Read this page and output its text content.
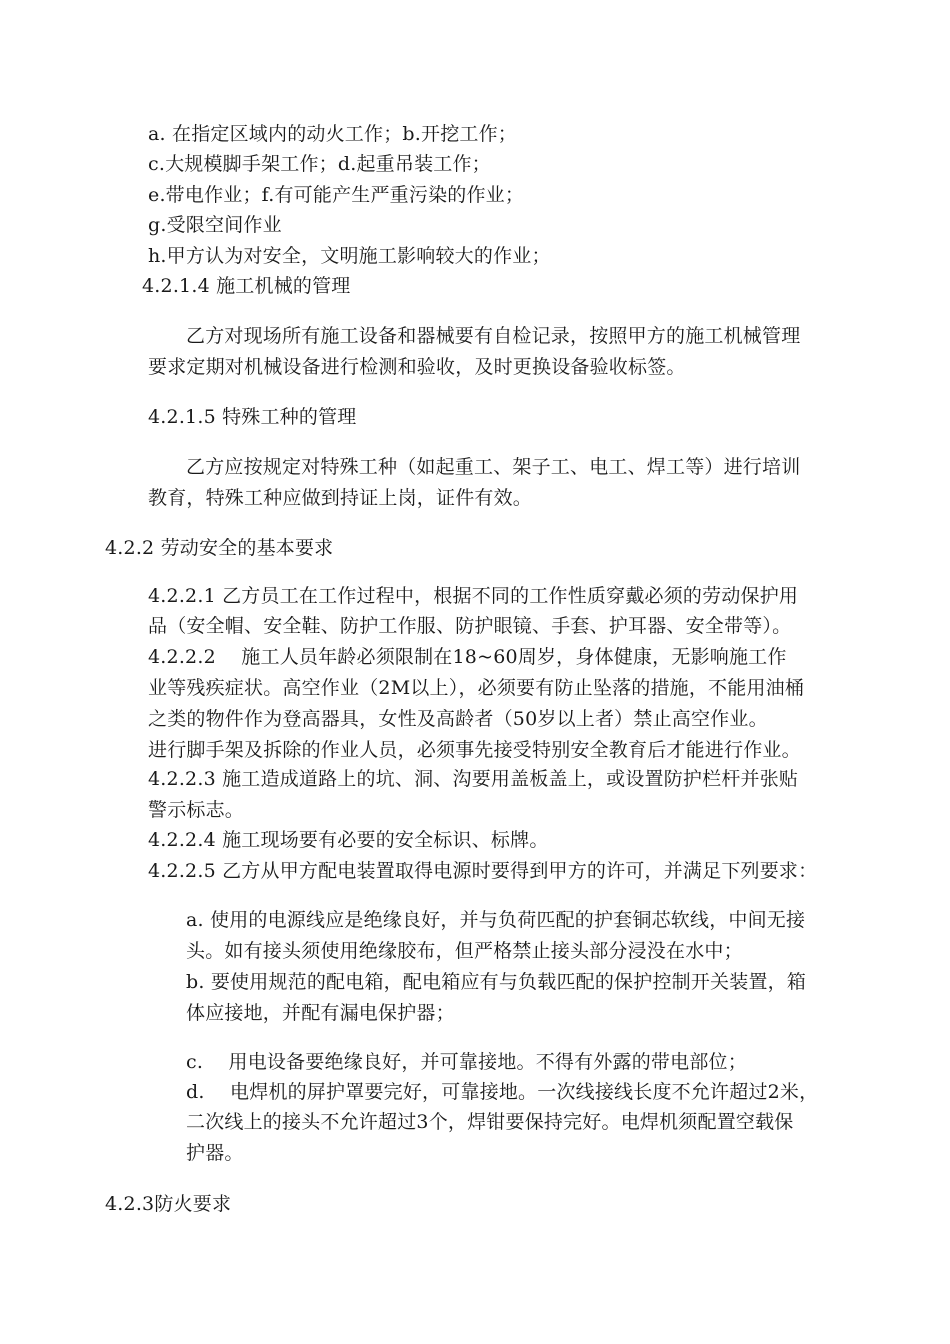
a. 在指定区域内的动火工作；b.开挖工作；
c.大规模脚手架工作；d.起重吊装工作；
e.带电作业；f.有可能产生严重污染的作业；
g.受限空间作业
h.甲方认为对安全，文明施工影响较大的作业；
4.2.1.4 施工机械的管理
乙方对现场所有施工设备和器械要有自检记录，按照甲方的施工机械管理
要求定期对机械设备进行检测和验收，及时更换设备验收标签。
4.2.1.5 特殊工种的管理
乙方应按规定对特殊工种（如起重工、架子工、电工、焊工等）进行培训
教育，特殊工种应做到持证上岗，证件有效。
4.2.2 劳动安全的基本要求
4.2.2.1 乙方员工在工作过程中，根据不同的工作性质穿戴必须的劳动保护用
品（安全帽、安全鞋、防护工作服、防护眼镜、手套、护耳器、安全带等）。
4.2.2.2 　施工人员年龄必须限制在18~60周岁，身体健康，无影响施工作
业等残疾症状。高空作业（2M以上），必须要有防止坠落的措施，不能用油桶
之类的物件作为登高器具，女性及高龄者（50岁以上者）禁止高空作业。
进行脚手架及拆除的作业人员，必须事先接受特别安全教育后才能进行作业。
4.2.2.3 施工造成道路上的坑、洞、沟要用盖板盖上，或设置防护栏杆并张贴
警示标志。
4.2.2.4 施工现场要有必要的安全标识、标牌。
4.2.2.5 乙方从甲方配电装置取得电源时要得到甲方的许可，并满足下列要求：
a. 使用的电源线应是绝缘良好，并与负荷匹配的护套铜芯软线，中间无接
头。如有接头须使用绝缘胶布，但严格禁止接头部分浸没在水中；
b. 要使用规范的配电箱，配电箱应有与负载匹配的保护控制开关装置，箱
体应接地，并配有漏电保护器；
c. 　用电设备要绝缘良好，并可靠接地。不得有外露的带电部位；
d. 　电焊机的屏护罩要完好，可靠接地。一次线接线长度不允许超过2米，
二次线上的接头不允许超过3个，焊钳要保持完好。电焊机须配置空载保
护器。
4.2.3防火要求
